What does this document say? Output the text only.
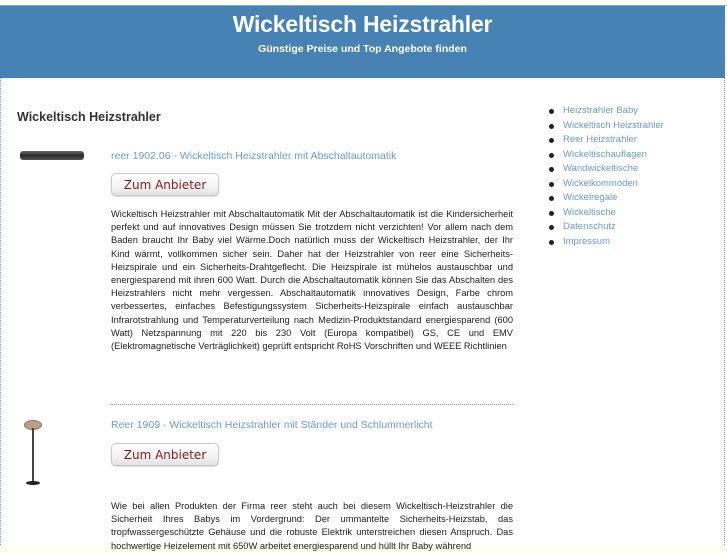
Wickeltisch Heizstrahler
Günstige Preise und Top Angebote finden
Wickeltisch Heizstrahler
reer 1902.06 - Wickeltisch Heizstrahler mit Abschaltautomatik
Zum Anbieter
Wickeltisch Heizstrahler mit Abschaltautomatik Mit der Abschaltautomatik ist die Kindersicherheit perfekt und auf innovatives Design müssen Sie trotzdem nicht verzichten! Vor allem nach dem Baden braucht Ihr Baby viel Wärme.Doch natürlich muss der Wickeltisch Heizstrahler, der Ihr Kind wärmt, vollkommen sicher sein. Daher hat der Heizstrahler von reer eine Sicherheits-Heizspirale und ein Sicherheits-Drahtgeflecht. Die Heizspirale ist mühelos austauschbar und energiesparend mit ihren 600 Watt. Durch die Abschaltautomatik können Sie das Abschalten des Heizstrahlers nicht mehr vergessen. Abschaltautomatik innovatives Design, Farbe chrom verbessertes, einfaches Befestigungssystem Sicherheits-Heizspirale einfach austauschbar Infrarotstrahlung und Temperaturverteilung nach Medizin-Produktstandard energiesparend (600 Watt) Netzspannung mit 220 bis 230 Volt (Europa kompatibel) GS, CE und EMV (Elektromagnetische Verträglichkeit) geprüft entspricht RoHS Vorschriften und WEEE Richtlinien
Reer 1909 - Wickeltisch Heizstrahler mit Ständer und Schlummerlicht
Zum Anbieter
Wie bei allen Produkten der Firma reer steht auch bei diesem Wickeltisch-Heizstrahler die Sicherheit Ihres Babys im Vordergrund: Der ummantelte Sicherheits-Heizstab, das tropfwassergeschützte Gehäuse und die robuste Elektrik unterstreichen diesen Anspruch. Das hochwertige Heizelement mit 650W arbeitet energiesparend und hüllt Ihr Baby während
Heizstrahler Baby
Wickeltisch Heizstrahler
Reer Heizstrahler
Wickeltischauflagen
Wandwickeltische
Wickelkommoden
Wickelregale
Wickeltische
Datenschutz
Impressum
